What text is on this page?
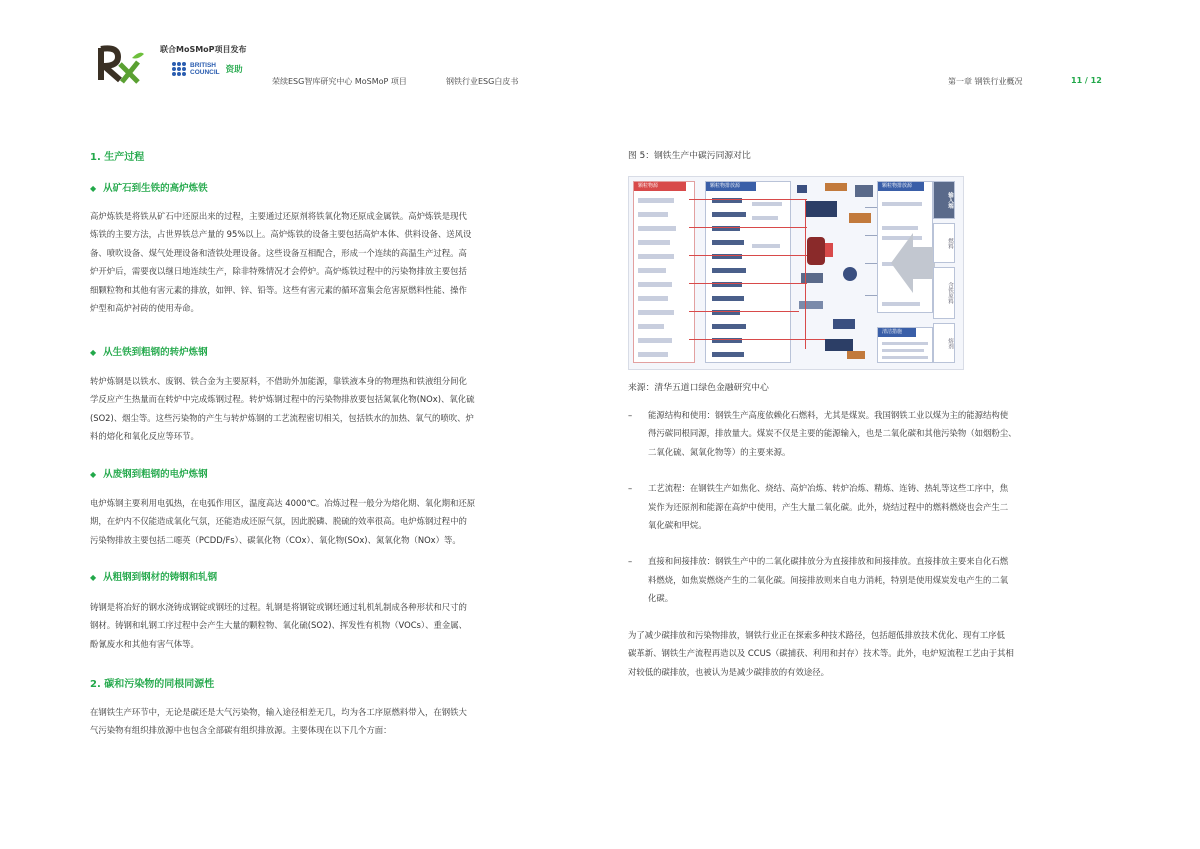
联合MoSMoP项目发布
BRITISH
COUNCIL 资助
荣续ESG智库研究中心 MoSMoP 项目	钢铁行业ESG白皮书	第一章 钢铁行业概况	11 / 12
1. 生产过程
◆ 从矿石到生铁的高炉炼铁
高炉炼铁是将铁从矿石中还原出来的过程，主要通过还原剂将铁氧化物还原成金属铁。高炉炼铁是现代
炼铁的主要方法，占世界铁总产量的 95%以上。高炉炼铁的设备主要包括高炉本体、供料设备、送风设
备、喷吹设备、煤气处理设备和渣铁处理设备。这些设备互相配合，形成一个连续的高温生产过程。高
炉开炉后，需要夜以继日地连续生产，除非特殊情况才会停炉。高炉炼铁过程中的污染物排放主要包括
细颗粒物和其他有害元素的排放，如钾、锌、铅等。这些有害元素的循环富集会危害原燃料性能、操作
炉型和高炉衬砖的使用寿命。
◆ 从生铁到粗钢的转炉炼钢
转炉炼钢是以铁水、废钢、铁合金为主要原料，不借助外加能源，靠铁液本身的物理热和铁液组分间化
学反应产生热量而在转炉中完成炼钢过程。转炉炼钢过程中的污染物排放要包括氮氧化物(NOx)、氧化硫
(SO2)、烟尘等。这些污染物的产生与转炉炼钢的工艺流程密切相关，包括铁水的加热、氧气的喷吹、炉
料的熔化和氧化反应等环节。
◆ 从废钢到粗钢的电炉炼钢
电炉炼钢主要利用电弧热，在电弧作用区，温度高达 4000℃。冶炼过程一般分为熔化期、氧化期和还原
期，在炉内不仅能造成氧化气氛，还能造成还原气氛，因此脱磷、脱硫的效率很高。电炉炼钢过程中的
污染物排放主要包括二噁英（PCDD/Fs）、碳氧化物（COx）、氧化物(SOx)、氮氧化物（NOx）等。
◆ 从粗钢到钢材的铸钢和轧钢
铸钢是将冶好的钢水浇铸成钢锭或钢坯的过程。轧钢是将钢锭或钢坯通过轧机轧制成各种形状和尺寸的
钢材。铸钢和轧钢工序过程中会产生大量的颗粒物、氧化硫(SO2)、挥发性有机物（VOCs）、重金属、
酚氰废水和其他有害气体等。
2. 碳和污染物的同根同源性
在钢铁生产环节中，无论是碳还是大气污染物，输入途径相差无几，均为各工序原燃料带入，在钢铁大
气污染物有组织排放源中也包含全部碳有组织排放源。主要体现在以下几个方面：
图 5：钢铁生产中碳污同源对比
颗粒物源	颗粒物排放源	颗粒物排放源
清洁措施
输入端
燃料
含铁原料
熔剂
来源：清华五道口绿色金融研究中心
–	能源结构和使用：钢铁生产高度依赖化石燃料，尤其是煤炭。我国钢铁工业以煤为主的能源结构使
得污碳同根同源，排放量大。煤炭不仅是主要的能源输入，也是二氧化碳和其他污染物（如烟粉尘、
二氧化硫、氮氧化物等）的主要来源。
–	工艺流程：在钢铁生产如焦化、烧结、高炉冶炼、转炉冶炼、精炼、连铸、热轧等这些工序中，焦
炭作为还原剂和能源在高炉中使用，产生大量二氧化碳。此外，烧结过程中的燃料燃烧也会产生二
氧化碳和甲烷。
–	直接和间接排放：钢铁生产中的二氧化碳排放分为直接排放和间接排放。直接排放主要来自化石燃
料燃烧，如焦炭燃烧产生的二氧化碳。间接排放则来自电力消耗，特别是使用煤炭发电产生的二氧
化碳。
为了减少碳排放和污染物排放，钢铁行业正在探索多种技术路径，包括超低排放技术优化、现有工序低
碳革新、钢铁生产流程再造以及 CCUS（碳捕获、利用和封存）技术等。此外，电炉短流程工艺由于其相
对较低的碳排放，也被认为是减少碳排放的有效途径。
